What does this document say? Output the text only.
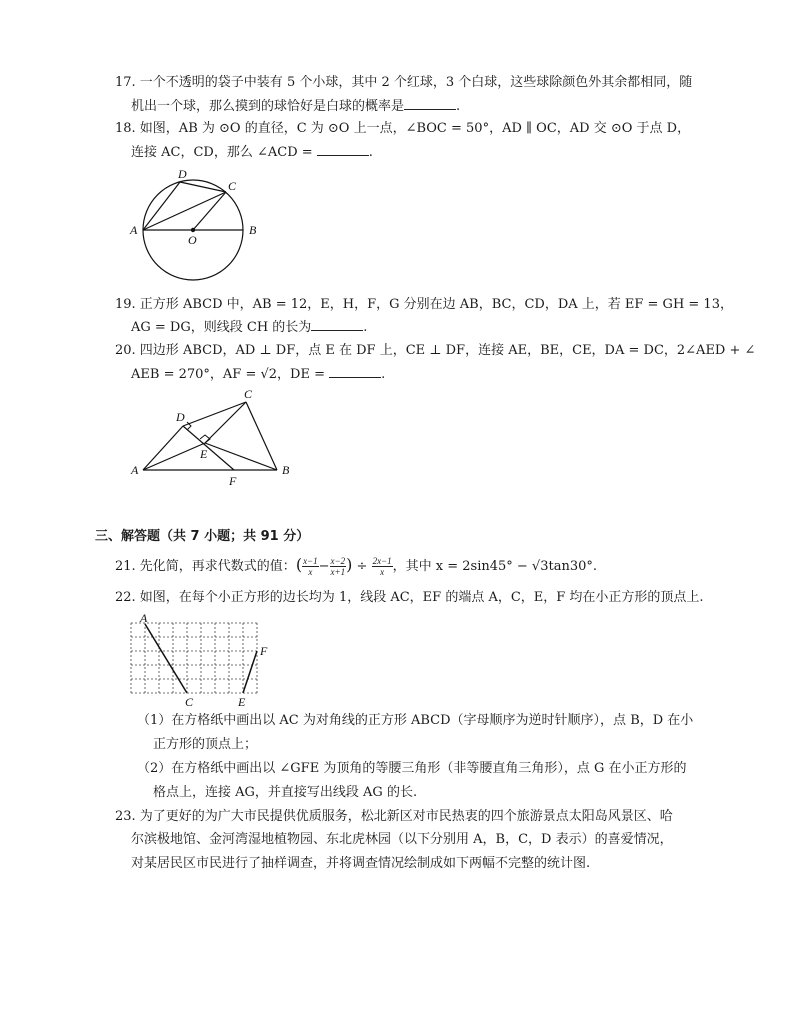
17. 一个不透明的袋子中装有 5 个小球，其中 2 个红球，3 个白球，这些球除颜色外其余都相同，随
机出一个球，那么摸到的球恰好是白球的概率是	.
18. 如图，AB 为 ⊙O 的直径，C 为 ⊙O 上一点，∠BOC = 50°，AD ∥ OC，AD 交 ⊙O 于点 D，
连接 AC，CD，那么 ∠ACD =	.
D
C
A
O
B
19. 正方形 ABCD 中，AB = 12，E，H，F，G 分别在边 AB，BC，CD，DA 上，若 EF = GH = 13，
AG = DG，则线段 CH 的长为	.
20. 四边形 ABCD，AD ⊥ DF，点 E 在 DF 上，CE ⊥ DF，连接 AE，BE，CE，DA = DC，2∠AED + ∠
AEB = 270°，AF = √2，DE =	.
C
D
E
A	B
F
三、解答题（共 7 小题；共 91 分）
21. 先化简，再求代数式的值：( $\frac{x-1}{x} - \frac{x-2}{x+1}$ ) ÷ $\frac{2x-1}{x}$ ，其中 x = 2sin45° − √3tan30°.
22. 如图，在每个小正方形的边长均为 1，线段 AC，EF 的端点 A，C，E，F 均在小正方形的顶点上.
A
C	E
F
（1）在方格纸中画出以 AC 为对角线的正方形 ABCD（字母顺序为逆时针顺序），点 B，D 在小
正方形的顶点上；
（2）在方格纸中画出以 ∠GFE 为顶角的等腰三角形（非等腰直角三角形），点 G 在小正方形的
格点上，连接 AG，并直接写出线段 AG 的长.
23. 为了更好的为广大市民提供优质服务，松北新区对市民热衷的四个旅游景点太阳岛风景区、哈
尔滨极地馆、金河湾湿地植物园、东北虎林园（以下分别用 A，B，C，D 表示）的喜爱情况，
对某居民区市民进行了抽样调查，并将调查情况绘制成如下两幅不完整的统计图.
